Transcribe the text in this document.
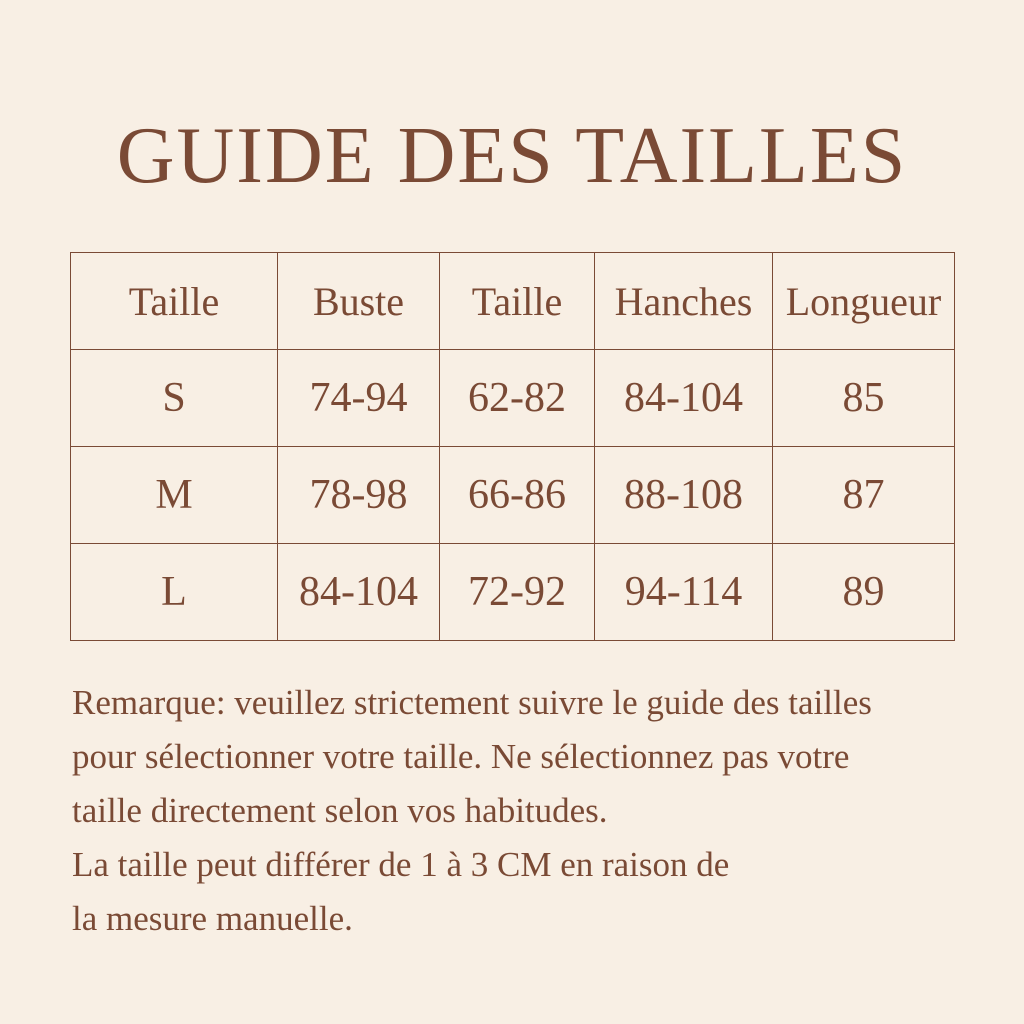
GUIDE DES TAILLES
Taille	Buste	Taille	Hanches	Longueur
S	74-94	62-82	84-104	85
M	78-98	66-86	88-108	87
L	84-104	72-92	94-114	89
Remarque: veuillez strictement suivre le guide des tailles
pour sélectionner votre taille. Ne sélectionnez pas votre
taille directement selon vos habitudes.
La taille peut différer de 1 à 3 CM en raison de
la mesure manuelle.
